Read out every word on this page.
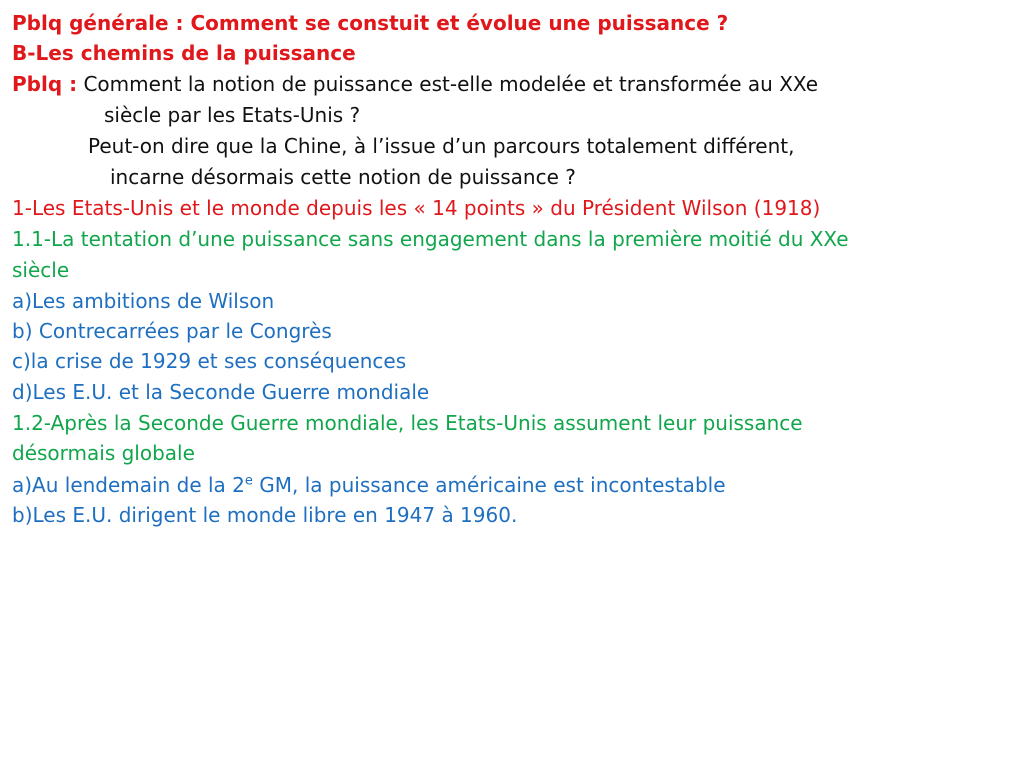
Pblq générale : Comment se constuit et évolue une puissance ?
B-Les chemins de la puissance
Pblq : Comment la notion de puissance est-elle modelée et transformée au XXe
siècle par les Etats-Unis ?
Peut-on dire que la Chine, à l’issue d’un parcours totalement différent,
incarne désormais cette notion de puissance ?
1-Les Etats-Unis et le monde depuis les « 14 points » du Président Wilson (1918)
1.1-La tentation d’une puissance sans engagement dans la première moitié du XXe
siècle
a)Les ambitions de Wilson
b) Contrecarrées par le Congrès
c)la crise de 1929 et ses conséquences
d)Les E.U. et la Seconde Guerre mondiale
1.2-Après la Seconde Guerre mondiale, les Etats-Unis assument leur puissance
désormais globale
a)Au lendemain de la 2e GM, la puissance américaine est incontestable
b)Les E.U. dirigent le monde libre en 1947 à 1960.
